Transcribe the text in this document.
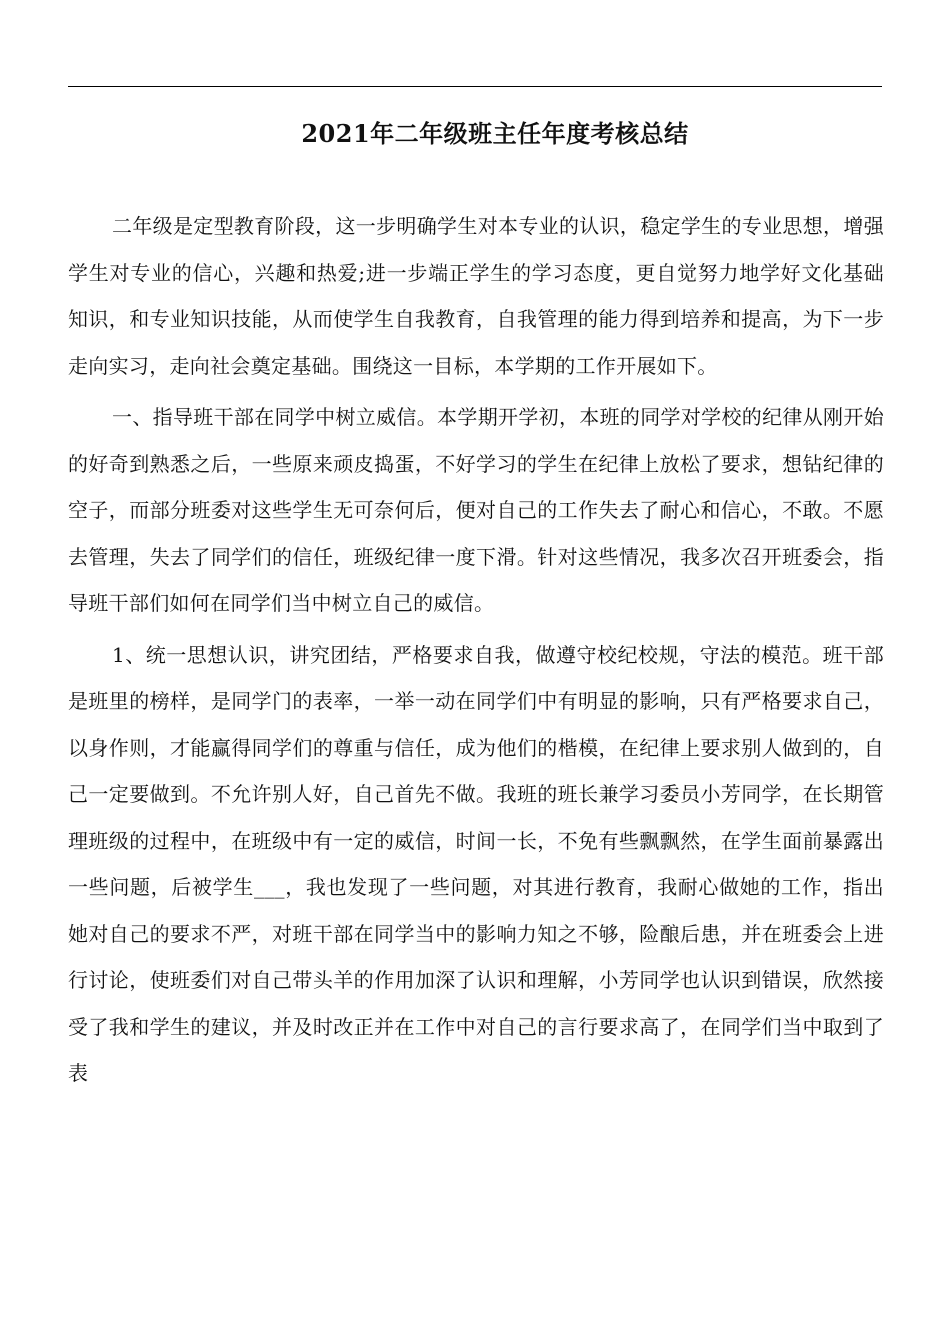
2021年二年级班主任年度考核总结

二年级是定型教育阶段，这一步明确学生对本专业的认识，稳定学生的专业思想，增强学生对专业的信心，兴趣和热爱;进一步端正学生的学习态度，更自觉努力地学好文化基础知识，和专业知识技能，从而使学生自我教育，自我管理的能力得到培养和提高，为下一步走向实习，走向社会奠定基础。围绕这一目标，本学期的工作开展如下。

一、指导班干部在同学中树立威信。本学期开学初，本班的同学对学校的纪律从刚开始的好奇到熟悉之后，一些原来顽皮捣蛋，不好学习的学生在纪律上放松了要求，想钻纪律的空子，而部分班委对这些学生无可奈何后，便对自己的工作失去了耐心和信心，不敢。不愿去管理，失去了同学们的信任，班级纪律一度下滑。针对这些情况，我多次召开班委会，指导班干部们如何在同学们当中树立自己的威信。

1、统一思想认识，讲究团结，严格要求自我，做遵守校纪校规，守法的模范。班干部是班里的榜样，是同学门的表率，一举一动在同学们中有明显的影响，只有严格要求自己，以身作则，才能赢得同学们的尊重与信任，成为他们的楷模，在纪律上要求别人做到的，自己一定要做到。不允许别人好，自己首先不做。我班的班长兼学习委员小芳同学，在长期管理班级的过程中，在班级中有一定的威信，时间一长，不免有些飘飘然，在学生面前暴露出一些问题，后被学生___，我也发现了一些问题，对其进行教育，我耐心做她的工作，指出她对自己的要求不严，对班干部在同学当中的影响力知之不够，险酿后患，并在班委会上进行讨论，使班委们对自己带头羊的作用加深了认识和理解，小芳同学也认识到错误，欣然接受了我和学生的建议，并及时改正并在工作中对自己的言行要求高了，在同学们当中取到了表
